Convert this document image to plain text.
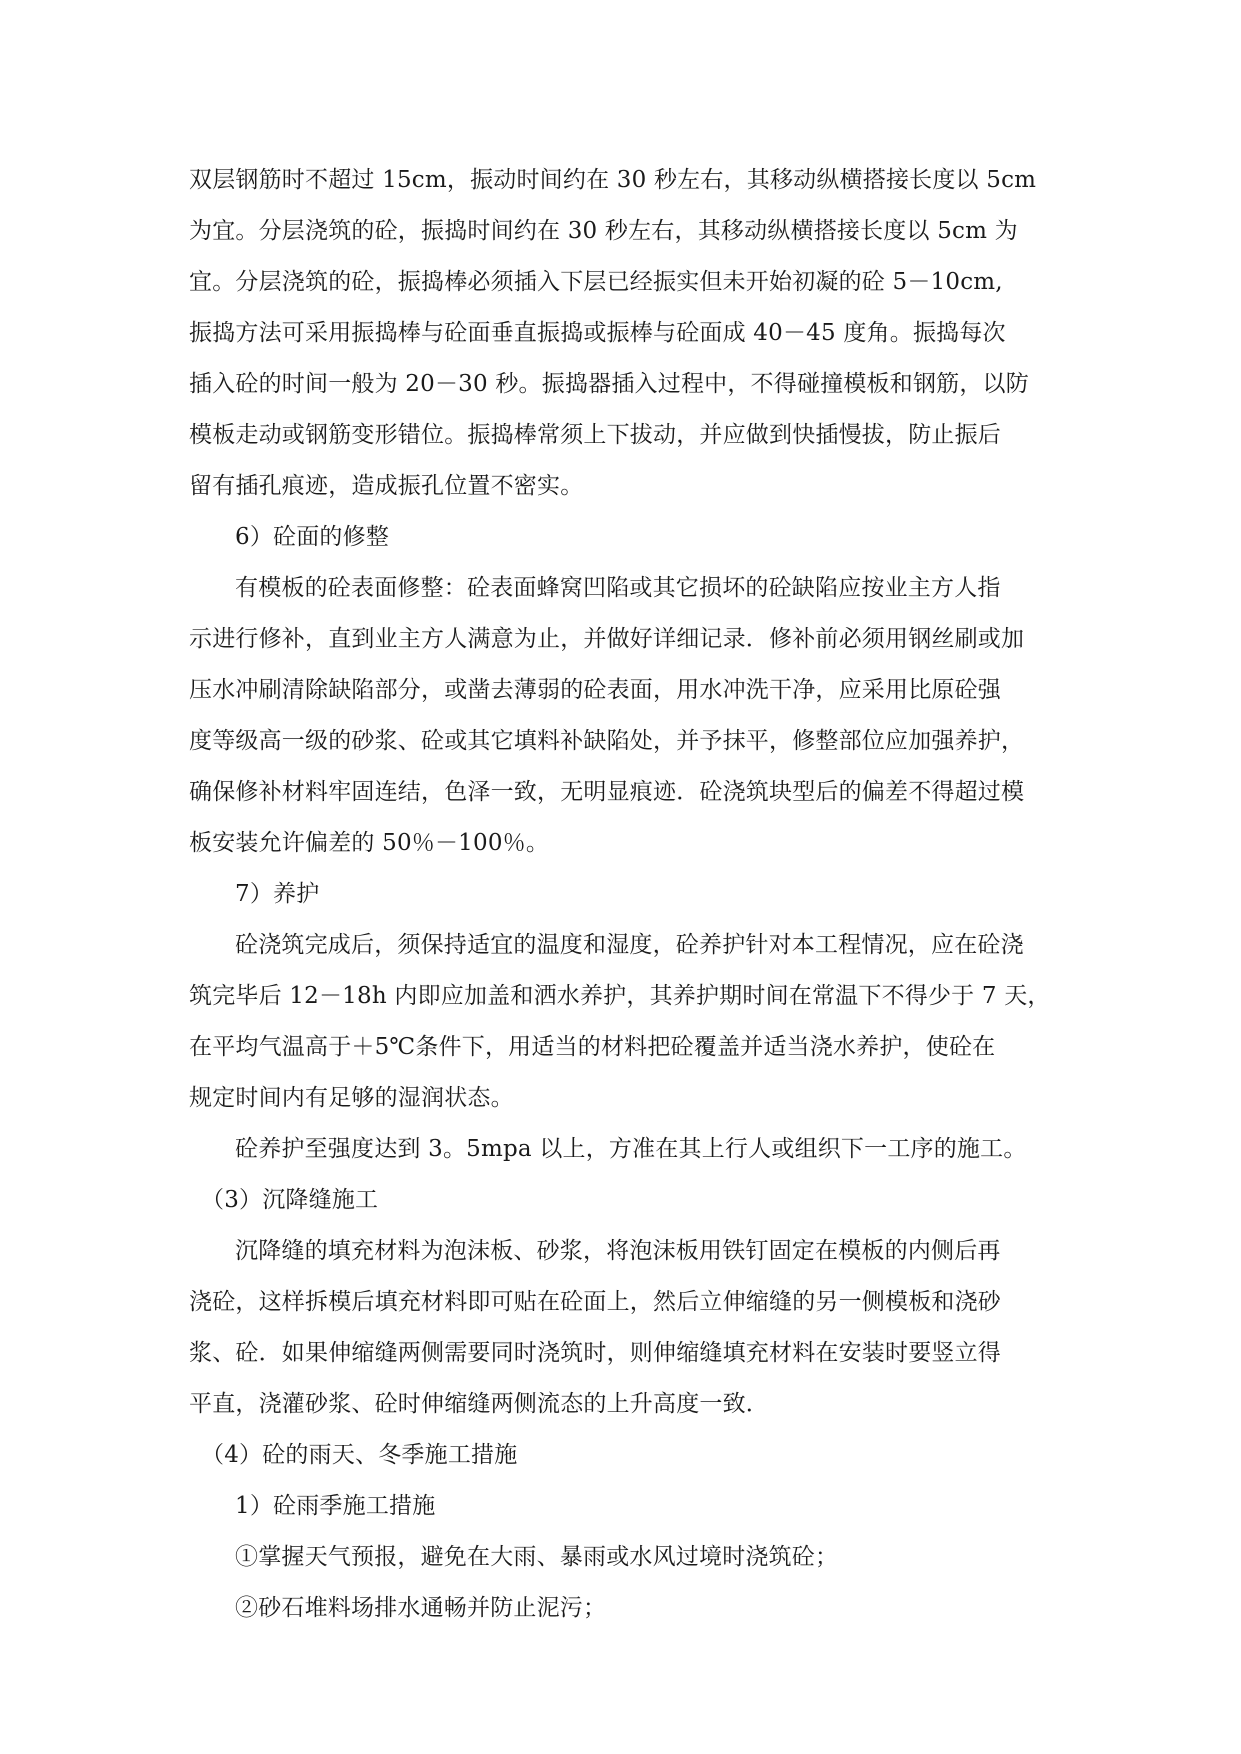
双层钢筋时不超过 15cm，振动时间约在 30 秒左右，其移动纵横搭接长度以 5cm
为宜。分层浇筑的砼，振捣时间约在 30 秒左右，其移动纵横搭接长度以 5cm 为
宜。分层浇筑的砼，振捣棒必须插入下层已经振实但未开始初凝的砼 5－10cm,
振捣方法可采用振捣棒与砼面垂直振捣或振棒与砼面成 40－45 度角。振捣每次
插入砼的时间一般为 20－30 秒。振捣器插入过程中，不得碰撞模板和钢筋，以防
模板走动或钢筋变形错位。振捣棒常须上下拔动，并应做到快插慢拔，防止振后
留有插孔痕迹，造成振孔位置不密实。
6）砼面的修整
有模板的砼表面修整：砼表面蜂窝凹陷或其它损坏的砼缺陷应按业主方人指
示进行修补，直到业主方人满意为止，并做好详细记录．修补前必须用钢丝刷或加
压水冲刷清除缺陷部分，或凿去薄弱的砼表面，用水冲洗干净，应采用比原砼强
度等级高一级的砂浆、砼或其它填料补缺陷处，并予抹平，修整部位应加强养护，
确保修补材料牢固连结，色泽一致，无明显痕迹．砼浇筑块型后的偏差不得超过模
板安装允许偏差的 50％－100％。
7）养护
砼浇筑完成后，须保持适宜的温度和湿度，砼养护针对本工程情况，应在砼浇
筑完毕后 12－18h 内即应加盖和洒水养护，其养护期时间在常温下不得少于 7 天，
在平均气温高于＋5℃条件下，用适当的材料把砼覆盖并适当浇水养护，使砼在
规定时间内有足够的湿润状态。
砼养护至强度达到 3。5mpa 以上，方准在其上行人或组织下一工序的施工。
（3）沉降缝施工
沉降缝的填充材料为泡沫板、砂浆，将泡沫板用铁钉固定在模板的内侧后再
浇砼，这样拆模后填充材料即可贴在砼面上，然后立伸缩缝的另一侧模板和浇砂
浆、砼．如果伸缩缝两侧需要同时浇筑时，则伸缩缝填充材料在安装时要竖立得
平直，浇灌砂浆、砼时伸缩缝两侧流态的上升高度一致．
（4）砼的雨天、冬季施工措施
1）砼雨季施工措施
①掌握天气预报，避免在大雨、暴雨或水风过境时浇筑砼；
②砂石堆料场排水通畅并防止泥污；
